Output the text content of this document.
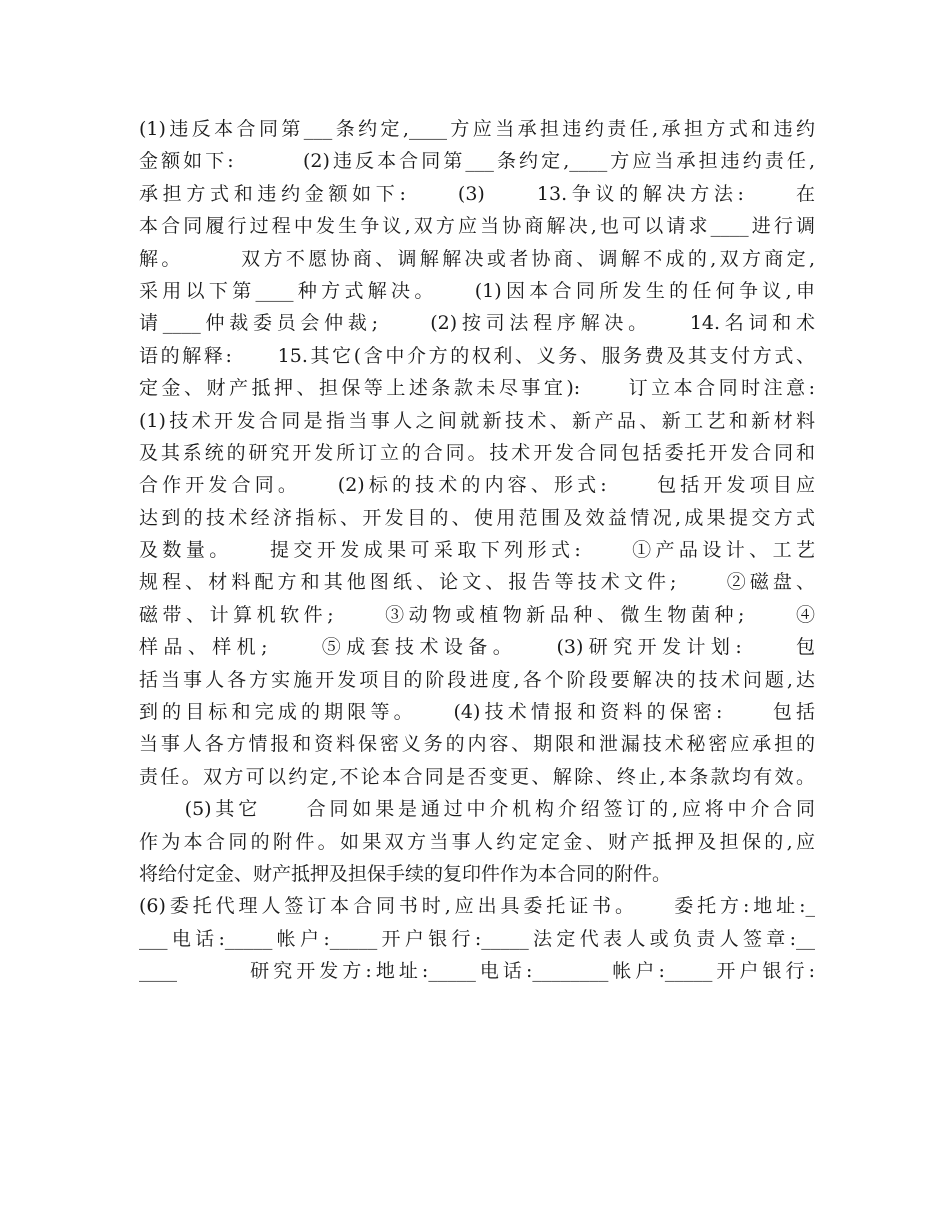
(1)违反本合同第___条约定,____方应当承担违约责任,承担方式和违约
金额如下:　　　(2)违反本合同第___条约定,____方应当承担违约责任,
承担方式和违约金额如下:　　(3)　　13.争议的解决方法:　　在
本合同履行过程中发生争议,双方应当协商解决,也可以请求____进行调
解。　　　双方不愿协商、调解解决或者协商、调解不成的,双方商定,
采用以下第____种方式解决。　　(1)因本合同所发生的任何争议,申
请____仲裁委员会仲裁;　　(2)按司法程序解决。　　14.名词和术
语的解释:　　15.其它(含中介方的权利、义务、服务费及其支付方式、
定金、财产抵押、担保等上述条款未尽事宜):　　订立本合同时注意:
(1)技术开发合同是指当事人之间就新技术、新产品、新工艺和新材料
及其系统的研究开发所订立的合同。技术开发合同包括委托开发合同和
合作开发合同。　　(2)标的技术的内容、形式:　　包括开发项目应
达到的技术经济指标、开发目的、使用范围及效益情况,成果提交方式
及数量。　　提交开发成果可采取下列形式:　　①产品设计、工艺
规程、材料配方和其他图纸、论文、报告等技术文件;　　②磁盘、
磁带、计算机软件;　　③动物或植物新品种、微生物菌种;　　④
样品、样机;　　⑤成套技术设备。　　(3)研究开发计划:　　包
括当事人各方实施开发项目的阶段进度,各个阶段要解决的技术问题,达
到的目标和完成的期限等。　　(4)技术情报和资料的保密:　　包括
当事人各方情报和资料保密义务的内容、期限和泄漏技术秘密应承担的
责任。双方可以约定,不论本合同是否变更、解除、终止,本条款均有效。
　　(5)其它　　合同如果是通过中介机构介绍签订的,应将中介合同
作为本合同的附件。如果双方当事人约定定金、财产抵押及担保的,应
将给付定金、财产抵押及担保手续的复印件作为本合同的附件。
(6)委托代理人签订本合同书时,应出具委托证书。　　委托方:地址:_
___电话:_____帐户:_____开户银行:_____法定代表人或负责人签章:__
____　　　研究开发方:地址:_____电话:________帐户:_____开户银行:
